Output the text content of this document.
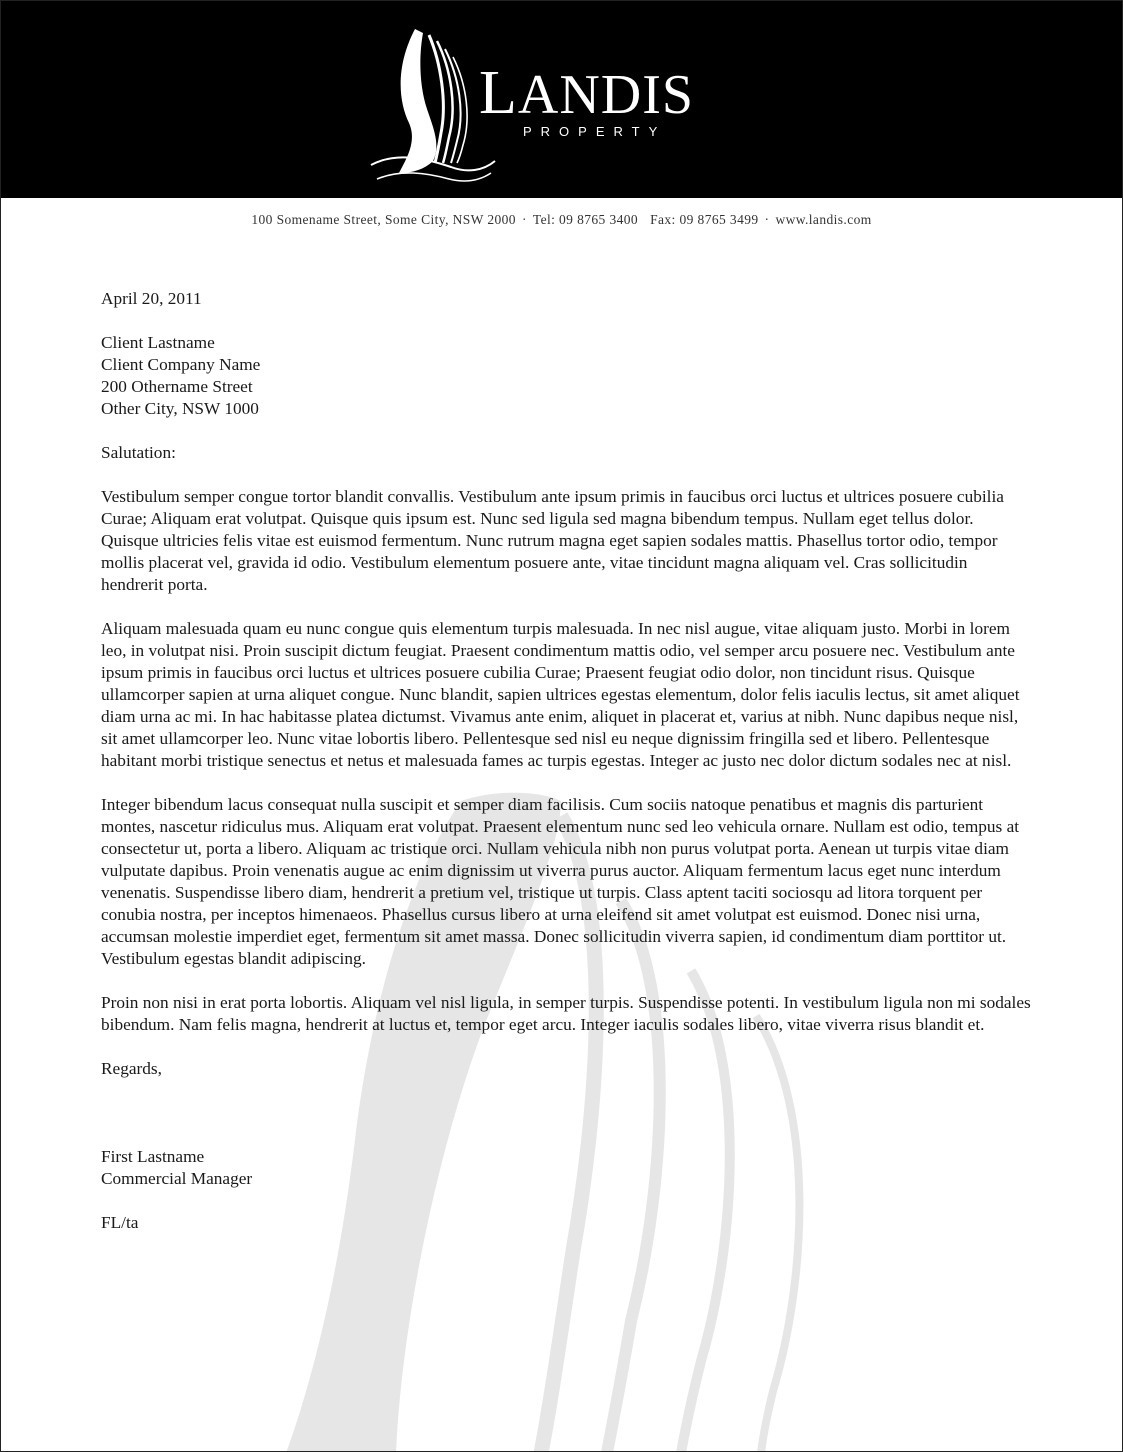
LANDIS
PROPERTY
100 Somename Street, Some City, NSW 2000 · Tel: 09 8765 3400 Fax: 09 8765 3499 · www.landis.com

April 20, 2011

Client Lastname
Client Company Name
200 Othername Street
Other City, NSW 1000

Salutation:

Vestibulum semper congue tortor blandit convallis. Vestibulum ante ipsum primis in faucibus orci luctus et ultrices posuere cubilia Curae; Aliquam erat volutpat. Quisque quis ipsum est. Nunc sed ligula sed magna bibendum tempus. Nullam eget tellus dolor. Quisque ultricies felis vitae est euismod fermentum. Nunc rutrum magna eget sapien sodales mattis. Phasellus tortor odio, tempor mollis placerat vel, gravida id odio. Vestibulum elementum posuere ante, vitae tincidunt magna aliquam vel. Cras sollicitudin hendrerit porta.

Aliquam malesuada quam eu nunc congue quis elementum turpis malesuada. In nec nisl augue, vitae aliquam justo. Morbi in lorem leo, in volutpat nisi. Proin suscipit dictum feugiat. Praesent condimentum mattis odio, vel semper arcu posuere nec. Vestibulum ante ipsum primis in faucibus orci luctus et ultrices posuere cubilia Curae; Praesent feugiat odio dolor, non tincidunt risus. Quisque ullamcorper sapien at urna aliquet congue. Nunc blandit, sapien ultrices egestas elementum, dolor felis iaculis lectus, sit amet aliquet diam urna ac mi. In hac habitasse platea dictumst. Vivamus ante enim, aliquet in placerat et, varius at nibh. Nunc dapibus neque nisl, sit amet ullamcorper leo. Nunc vitae lobortis libero. Pellentesque sed nisl eu neque dignissim fringilla sed et libero. Pellentesque habitant morbi tristique senectus et netus et malesuada fames ac turpis egestas. Integer ac justo nec dolor dictum sodales nec at nisl.

Integer bibendum lacus consequat nulla suscipit et semper diam facilisis. Cum sociis natoque penatibus et magnis dis parturient montes, nascetur ridiculus mus. Aliquam erat volutpat. Praesent elementum nunc sed leo vehicula ornare. Nullam est odio, tempus at consectetur ut, porta a libero. Aliquam ac tristique orci. Nullam vehicula nibh non purus volutpat porta. Aenean ut turpis vitae diam vulputate dapibus. Proin venenatis augue ac enim dignissim ut viverra purus auctor. Aliquam fermentum lacus eget nunc interdum venenatis. Suspendisse libero diam, hendrerit a pretium vel, tristique ut turpis. Class aptent taciti sociosqu ad litora torquent per conubia nostra, per inceptos himenaeos. Phasellus cursus libero at urna eleifend sit amet volutpat est euismod. Donec nisi urna, accumsan molestie imperdiet eget, fermentum sit amet massa. Donec sollicitudin viverra sapien, id condimentum diam porttitor ut. Vestibulum egestas blandit adipiscing.

Proin non nisi in erat porta lobortis. Aliquam vel nisl ligula, in semper turpis. Suspendisse potenti. In vestibulum ligula non mi sodales bibendum. Nam felis magna, hendrerit at luctus et, tempor eget arcu. Integer iaculis sodales libero, vitae viverra risus blandit et.

Regards,

First Lastname
Commercial Manager

FL/ta
